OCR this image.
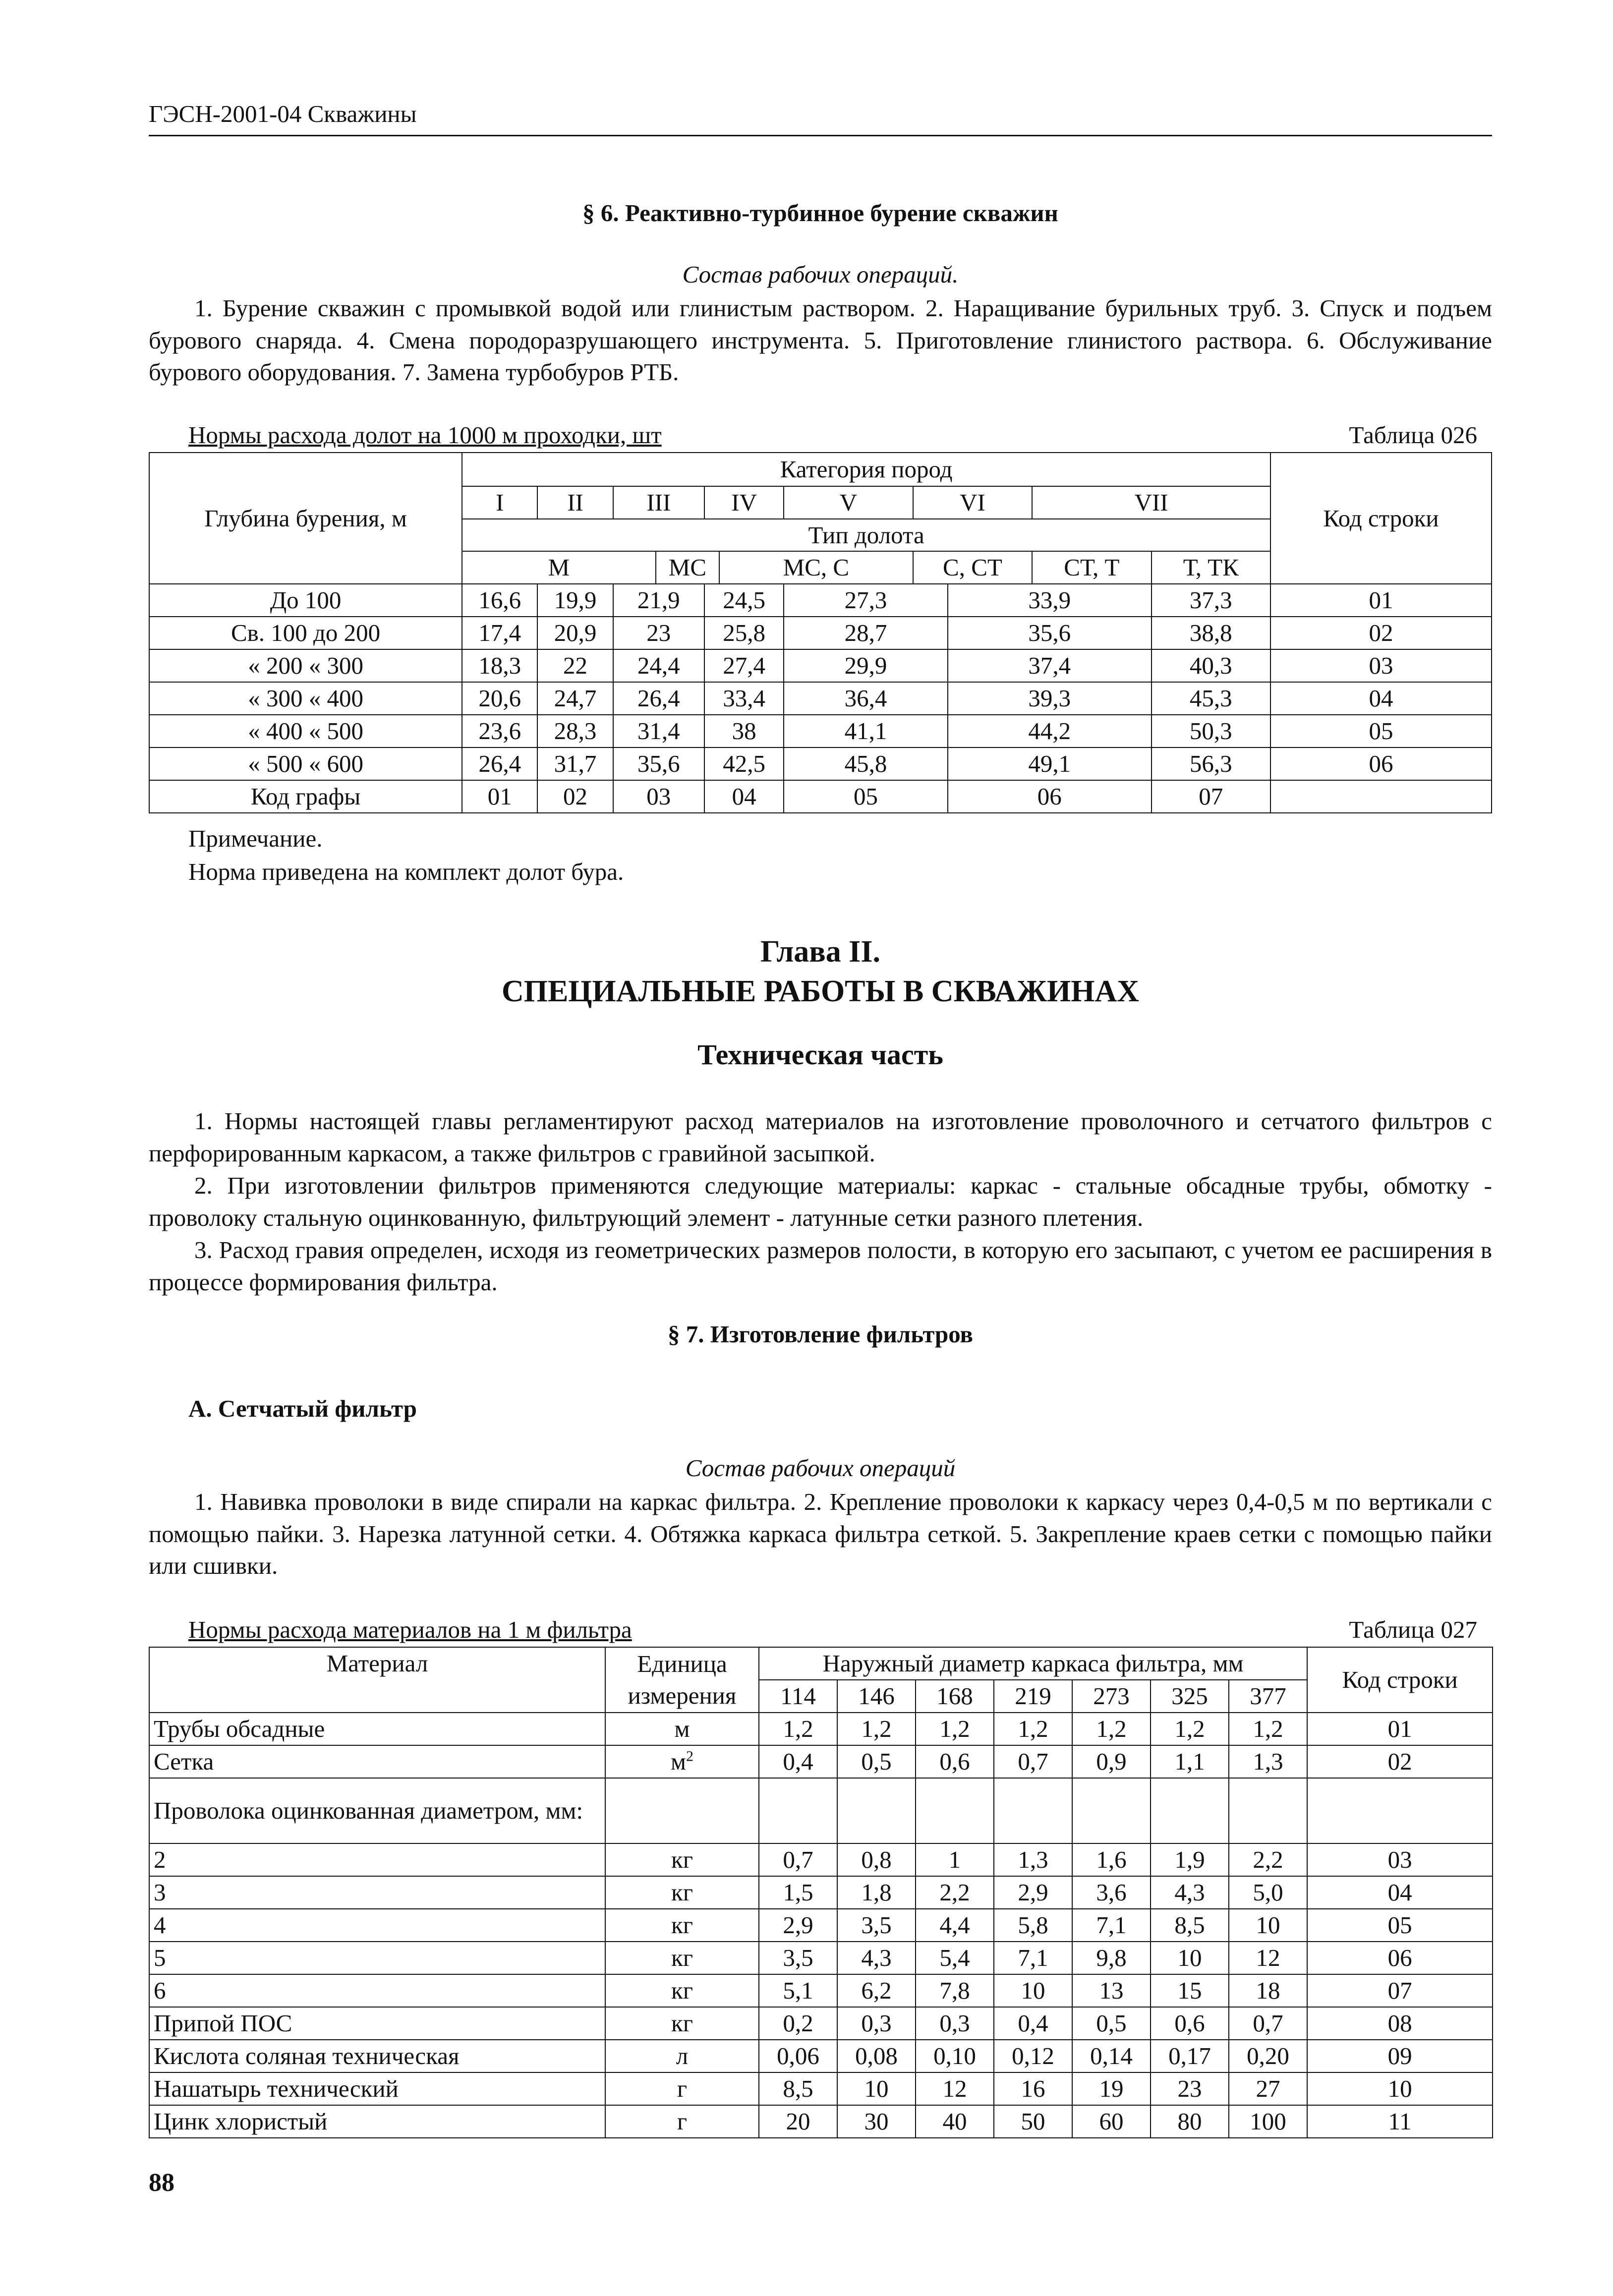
ГЭСН-2001-04 Скважины
§ 6. Реактивно-турбинное бурение скважин
Состав рабочих операций.
1. Бурение скважин с промывкой водой или глинистым раствором. 2. Наращивание бурильных труб. 3. Спуск и подъем бурового снаряда. 4. Смена породоразрушающего инструмента. 5. Приготовление глинистого раствора. 6. Обслуживание бурового оборудования. 7. Замена турбобуров РТБ.
Нормы расхода долот на 1000 м проходки, шт	Таблица 026
Глубина бурения, м	Категория пород											Код строки
	I	II	III		IV		V	VI		VII		
	Тип долота											
	М			МС		МС, С		С, СТ		СТ, Т	Т, ТК	
До 100	16,6	19,9	21,9		24,5		27,3		33,9		37,3	01
Св. 100 до 200	17,4	20,9	23		25,8		28,7		35,6		38,8	02
« 200 « 300	18,3	22	24,4		27,4		29,9		37,4		40,3	03
« 300 « 400	20,6	24,7	26,4		33,4		36,4		39,3		45,3	04
« 400 « 500	23,6	28,3	31,4		38		41,1		44,2		50,3	05
« 500 « 600	26,4	31,7	35,6		42,5		45,8		49,1		56,3	06
Код графы	01	02	03		04		05		06		07	
Примечание.
Норма приведена на комплект долот бура.
Глава II.
СПЕЦИАЛЬНЫЕ РАБОТЫ В СКВАЖИНАХ
Техническая часть
1. Нормы настоящей главы регламентируют расход материалов на изготовление проволочного и сетчатого фильтров с перфорированным каркасом, а также фильтров с гравийной засыпкой.
2. При изготовлении фильтров применяются следующие материалы: каркас - стальные обсадные трубы, обмотку - проволоку стальную оцинкованную, фильтрующий элемент - латунные сетки разного плетения.
3. Расход гравия определен, исходя из геометрических размеров полости, в которую его засыпают, с учетом ее расширения в процессе формирования фильтра.
§ 7. Изготовление фильтров
А. Сетчатый фильтр
Состав рабочих операций
1. Навивка проволоки в виде спирали на каркас фильтра. 2. Крепление проволоки к каркасу через 0,4-0,5 м по вертикали с помощью пайки. 3. Нарезка латунной сетки. 4. Обтяжка каркаса фильтра сеткой. 5. Закрепление краев сетки с помощью пайки или сшивки.
Нормы расхода материалов на 1 м фильтра	Таблица 027
Материал	Единица измерения	Наружный диаметр каркаса фильтра, мм							Код строки
		114	146	168	219	273	325	377	
Трубы обсадные	м	1,2	1,2	1,2	1,2	1,2	1,2	1,2	01
Сетка	$м^2$	0,4	0,5	0,6	0,7	0,9	1,1	1,3	02
Проволока оцинкованная диаметром, мм:									
2	кг	0,7	0,8	1	1,3	1,6	1,9	2,2	03
3	кг	1,5	1,8	2,2	2,9	3,6	4,3	5,0	04
4	кг	2,9	3,5	4,4	5,8	7,1	8,5	10	05
5	кг	3,5	4,3	5,4	7,1	9,8	10	12	06
6	кг	5,1	6,2	7,8	10	13	15	18	07
Припой ПОС	кг	0,2	0,3	0,3	0,4	0,5	0,6	0,7	08
Кислота соляная техническая	л	0,06	0,08	0,10	0,12	0,14	0,17	0,20	09
Нашатырь технический	г	8,5	10	12	16	19	23	27	10
Цинк хлористый	г	20	30	40	50	60	80	100	11
88
